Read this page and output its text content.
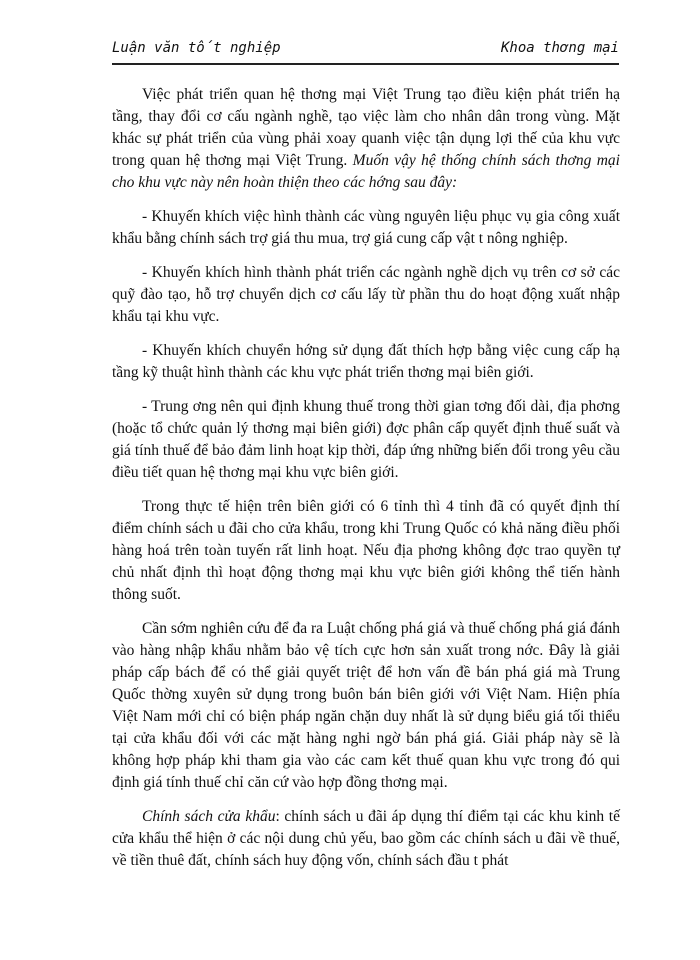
Luận văn tốt nghiệp	Khoa thơng mại

Việc phát triển quan hệ thơng mại Việt Trung tạo điều kiện phát triển hạ tầng, thay đổi cơ cấu ngành nghề, tạo việc làm cho nhân dân trong vùng. Mặt khác sự phát triển của vùng phải xoay quanh việc tận dụng lợi thế của khu vực trong quan hệ thơng mại Việt Trung. Muốn vậy hệ thống chính sách thơng mại cho khu vực này nên hoàn thiện theo các hớng sau đây:

- Khuyến khích việc hình thành các vùng nguyên liệu phục vụ gia công xuất khẩu bằng chính sách trợ giá thu mua, trợ giá cung cấp vật t nông nghiệp.

- Khuyến khích hình thành phát triển các ngành nghề dịch vụ trên cơ sở các quỹ đào tạo, hỗ trợ chuyển dịch cơ cấu lấy từ phần thu do hoạt động xuất nhập khẩu tại khu vực.

- Khuyến khích chuyển hớng sử dụng đất thích hợp bằng việc cung cấp hạ tầng kỹ thuật hình thành các khu vực phát triển thơng mại biên giới.

- Trung ơng nên qui định khung thuế trong thời gian tơng đối dài, địa phơng (hoặc tổ chức quản lý thơng mại biên giới) đợc phân cấp quyết định thuế suất và giá tính thuế để bảo đảm linh hoạt kịp thời, đáp ứng những biến đổi trong yêu cầu điều tiết quan hệ thơng mại khu vực biên giới.

Trong thực tế hiện trên biên giới có 6 tỉnh thì 4 tỉnh đã có quyết định thí điểm chính sách u đãi cho cửa khẩu, trong khi Trung Quốc có khả năng điều phối hàng hoá trên toàn tuyến rất linh hoạt. Nếu địa phơng không đợc trao quyền tự chủ nhất định thì hoạt động thơng mại khu vực biên giới không thể tiến hành thông suốt.

Cần sớm nghiên cứu để đa ra Luật chống phá giá và thuế chống phá giá đánh vào hàng nhập khẩu nhằm bảo vệ tích cực hơn sản xuất trong nớc. Đây là giải pháp cấp bách để có thể giải quyết triệt để hơn vấn đề bán phá giá mà Trung Quốc thờng xuyên sử dụng trong buôn bán biên giới với Việt Nam. Hiện phía Việt Nam mới chỉ có biện pháp ngăn chặn duy nhất là sử dụng biểu giá tối thiểu tại cửa khẩu đối với các mặt hàng nghi ngờ bán phá giá. Giải pháp này sẽ là không hợp pháp khi tham gia vào các cam kết thuế quan khu vực trong đó qui định giá tính thuế chỉ căn cứ vào hợp đồng thơng mại.

Chính sách cửa khẩu: chính sách u đãi áp dụng thí điểm tại các khu kinh tế cửa khẩu thể hiện ở các nội dung chủ yếu, bao gồm các chính sách u đãi về thuế, về tiền thuê đất, chính sách huy động vốn, chính sách đầu t phát
